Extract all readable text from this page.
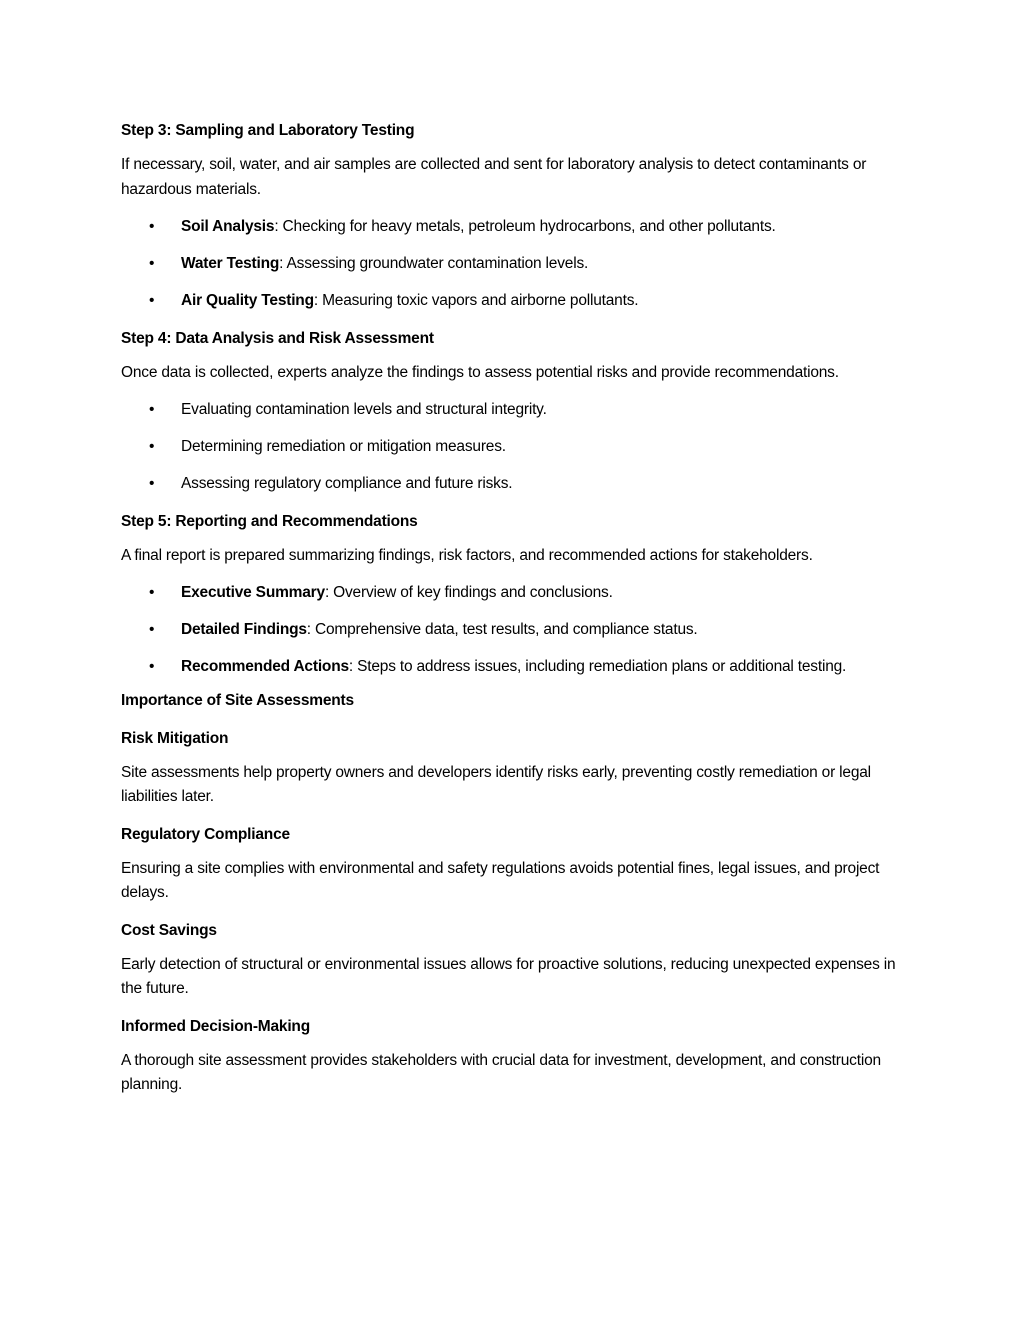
Step 3: Sampling and Laboratory Testing

If necessary, soil, water, and air samples are collected and sent for laboratory analysis to detect contaminants or hazardous materials.

• Soil Analysis: Checking for heavy metals, petroleum hydrocarbons, and other pollutants.
• Water Testing: Assessing groundwater contamination levels.
• Air Quality Testing: Measuring toxic vapors and airborne pollutants.
Step 4: Data Analysis and Risk Assessment

Once data is collected, experts analyze the findings to assess potential risks and provide recommendations.

• Evaluating contamination levels and structural integrity.
• Determining remediation or mitigation measures.
• Assessing regulatory compliance and future risks.
Step 5: Reporting and Recommendations

A final report is prepared summarizing findings, risk factors, and recommended actions for stakeholders.

• Executive Summary: Overview of key findings and conclusions.
• Detailed Findings: Comprehensive data, test results, and compliance status.
• Recommended Actions: Steps to address issues, including remediation plans or additional testing.
Importance of Site Assessments
Risk Mitigation

Site assessments help property owners and developers identify risks early, preventing costly remediation or legal liabilities later.

Regulatory Compliance

Ensuring a site complies with environmental and safety regulations avoids potential fines, legal issues, and project delays.

Cost Savings

Early detection of structural or environmental issues allows for proactive solutions, reducing unexpected expenses in the future.

Informed Decision-Making

A thorough site assessment provides stakeholders with crucial data for investment, development, and construction planning.
